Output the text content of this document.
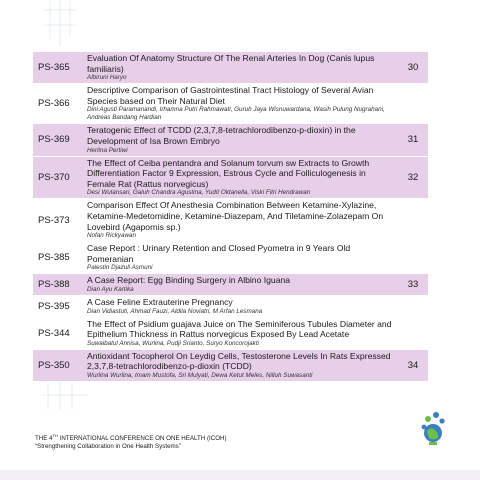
PS-365	Evaluation Of Anatomy Structure Of The Renal Arteries In Dog (Canis lupus familiaris)
Albiruni Haryo	30
PS-366	Descriptive Comparison of Gastrointestinal Tract Histology of Several Avian Species based on Their Natural Diet
Dini Agusti Paramanandi, Irhamna Putri Rahmawati, Guruh Jaya Wisnuwardana, Wasih Pulung Nugrahani, Andreas Bandang Hardian	

PS-369	Teratogenic Effect of TCDD (2,3,7,8-tetrachlorodibenzo-p-dioxin) in the Development of Isa Brown Embryo
Herlina Pertiwi	31
PS-370	The Effect of Ceiba pentandra and Solanum torvum sw Extracts to Growth Differentiation Factor 9 Expression, Estrous Cycle and Folliculogenesis in Female Rat (Rattus norvegicus)
Desi Wulansari, Galuh Chandra Agustina, Yudit Oktanella, Viski Fitri Hendrawan	32
PS-373	Comparison Effect Of Anesthesia Combination Between Ketamine-Xylazine, Ketamine-Medetomidine, Ketamine-Diazepam, And Tiletamine-Zolazepam On Lovebird (Agapornis sp.)
Nofan Rickyawan	

PS-385	Case Report : Urinary Retention and Closed Pyometra in 9 Years Old Pomeranian
Palestin Djazuli Asmuni	

PS-388	A Case Report: Egg Binding Surgery in Albino Iguana
Dian Ayu Kartika	33
PS-395	A Case Feline Extrauterine Pregnancy
Dian Vidiastuti, Ahmad Fauzi, Aldila Noviatri, M Arfan Lesmana	

PS-344	The Effect of Psidium guajava Juice on The Seminiferous Tubules Diameter and Epithelium Thickness in Rattus norvegicus Exposed By Lead Acetate
Suwaibatul Annisa, Wurlina, Pudji Srianto, Suryo Kuncorojakti	

PS-350	Antioxidant Tocopherol On Leydig Cells, Testosterone Levels In Rats Expressed 2,3,7,8-tetrachlorodibenzo-p-dioxin (TCDD)
Wurlina Wurlina, Imam Mustofa, Sri Mulyati, Dewa Ketut Meles, Nilluh Suwasanti	34
THE 4TH INTERNATIONAL CONFERENCE ON ONE HEALTH (ICOH)
“Strengthening Collaboration in One Health Systems”
